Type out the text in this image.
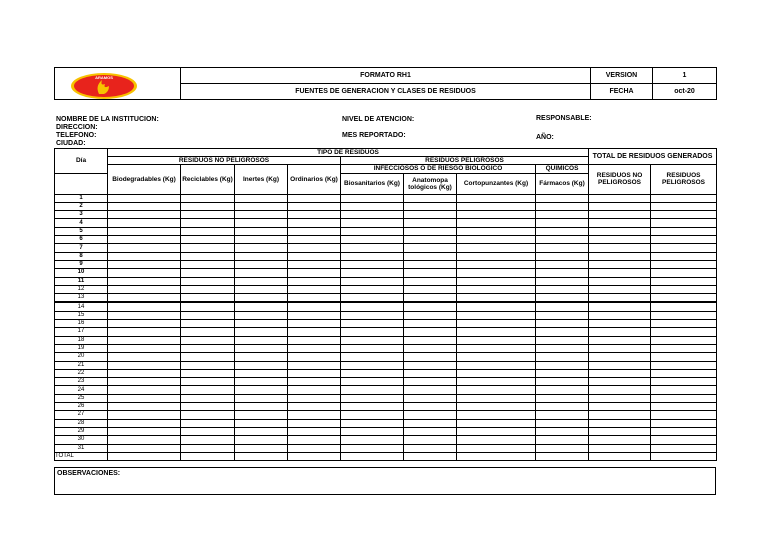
ARAMOS	FORMATO RH1	VERSION	1
	FUENTES DE GENERACION Y CLASES DE RESIDUOS	FECHA	oct-20
NOMBRE DE LA INSTITUCION:
DIRECCION:
TELEFONO:
CIUDAD:
NIVEL DE ATENCION:
MES REPORTADO:
RESPONSABLE:
AÑO:
Día	TIPO DE RESIDUOS								TOTAL DE RESIDUOS GENERADOS	
	RESIDUOS NO PELIGROSOS				RESIDUOS PELIGROSOS					
	Biodegradables (Kg)	Reciclables (Kg)	Inertes (Kg)	Ordinarios (Kg)	INFECCIOSOS O DE RIESGO BIOLOGICO			QUIMICOS	RESIDUOS NO PELIGROSOS	RESIDUOS PELIGROSOS
					Biosanitarios (Kg)	Anatomopa tológicos (Kg)	Cortopunzantes (Kg)	Fármacos (Kg)		
1										
2										
3										
4										
5										
6										
7										
8										
9										
10										
11										
12										
13										
14										
15										
16										
17										
18										
19										
20										
21										
22										
23										
24										
25										
26										
27										
28										
29										
30										
31										
TOTAL										
OBSERVACIONES:
